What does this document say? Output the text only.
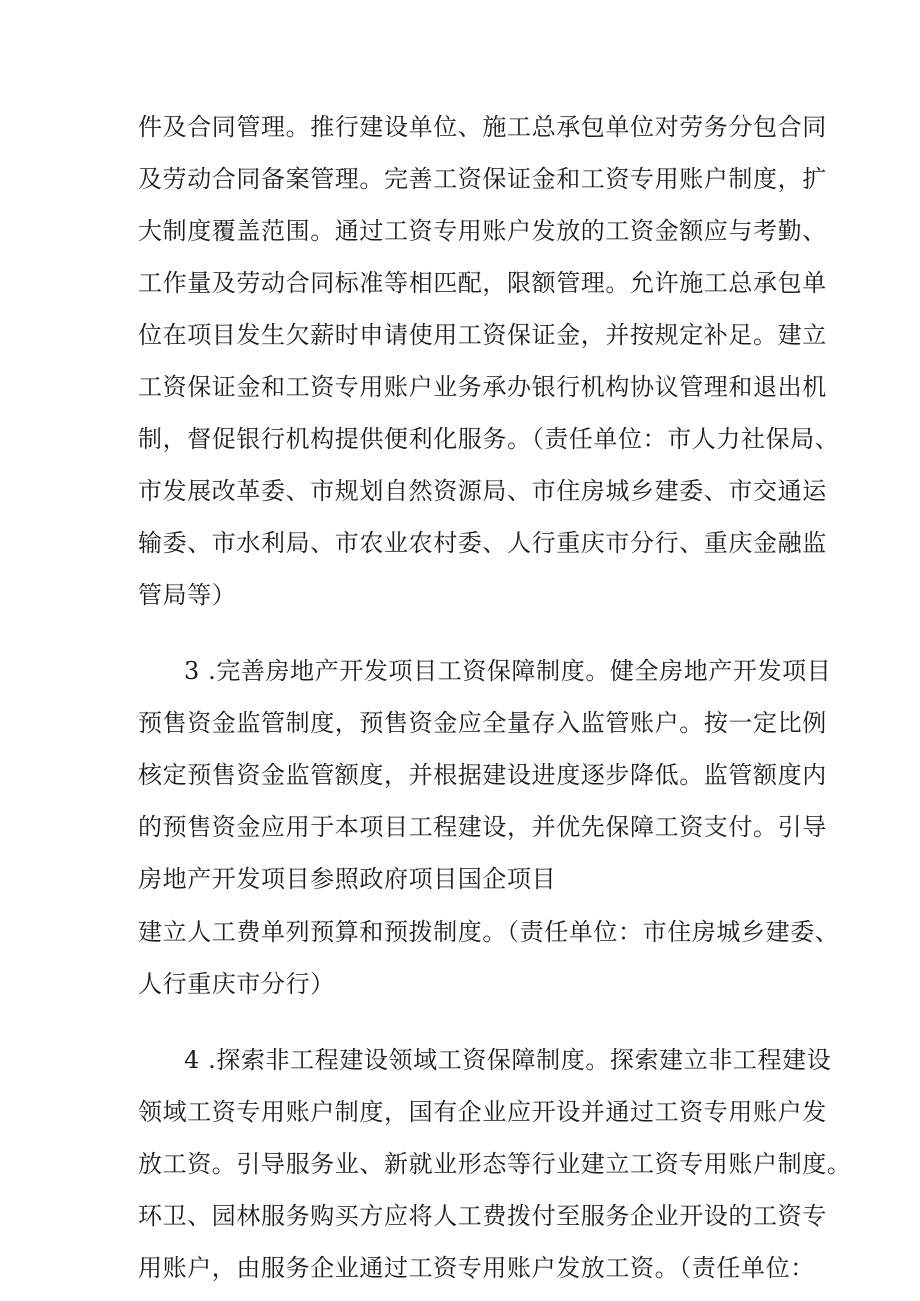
件及合同管理。推行建设单位、施工总承包单位对劳务分包合同
及劳动合同备案管理。完善工资保证金和工资专用账户制度，扩
大制度覆盖范围。通过工资专用账户发放的工资金额应与考勤、
工作量及劳动合同标准等相匹配，限额管理。允许施工总承包单
位在项目发生欠薪时申请使用工资保证金，并按规定补足。建立
工资保证金和工资专用账户业务承办银行机构协议管理和退出机
制，督促银行机构提供便利化服务。（责任单位：市人力社保局、
市发展改革委、市规划自然资源局、市住房城乡建委、市交通运
输委、市水利局、市农业农村委、人行重庆市分行、重庆金融监
管局等）
3 .完善房地产开发项目工资保障制度。健全房地产开发项目
预售资金监管制度，预售资金应全量存入监管账户。按一定比例
核定预售资金监管额度，并根据建设进度逐步降低。监管额度内
的预售资金应用于本项目工程建设，并优先保障工资支付。引导
房地产开发项目参照政府项目国企项目
建立人工费单列预算和预拨制度。（责任单位：市住房城乡建委、
人行重庆市分行）
4 .探索非工程建设领域工资保障制度。探索建立非工程建设
领域工资专用账户制度，国有企业应开设并通过工资专用账户发
放工资。引导服务业、新就业形态等行业建立工资专用账户制度。
环卫、园林服务购买方应将人工费拨付至服务企业开设的工资专
用账户，由服务企业通过工资专用账户发放工资。（责任单位：
